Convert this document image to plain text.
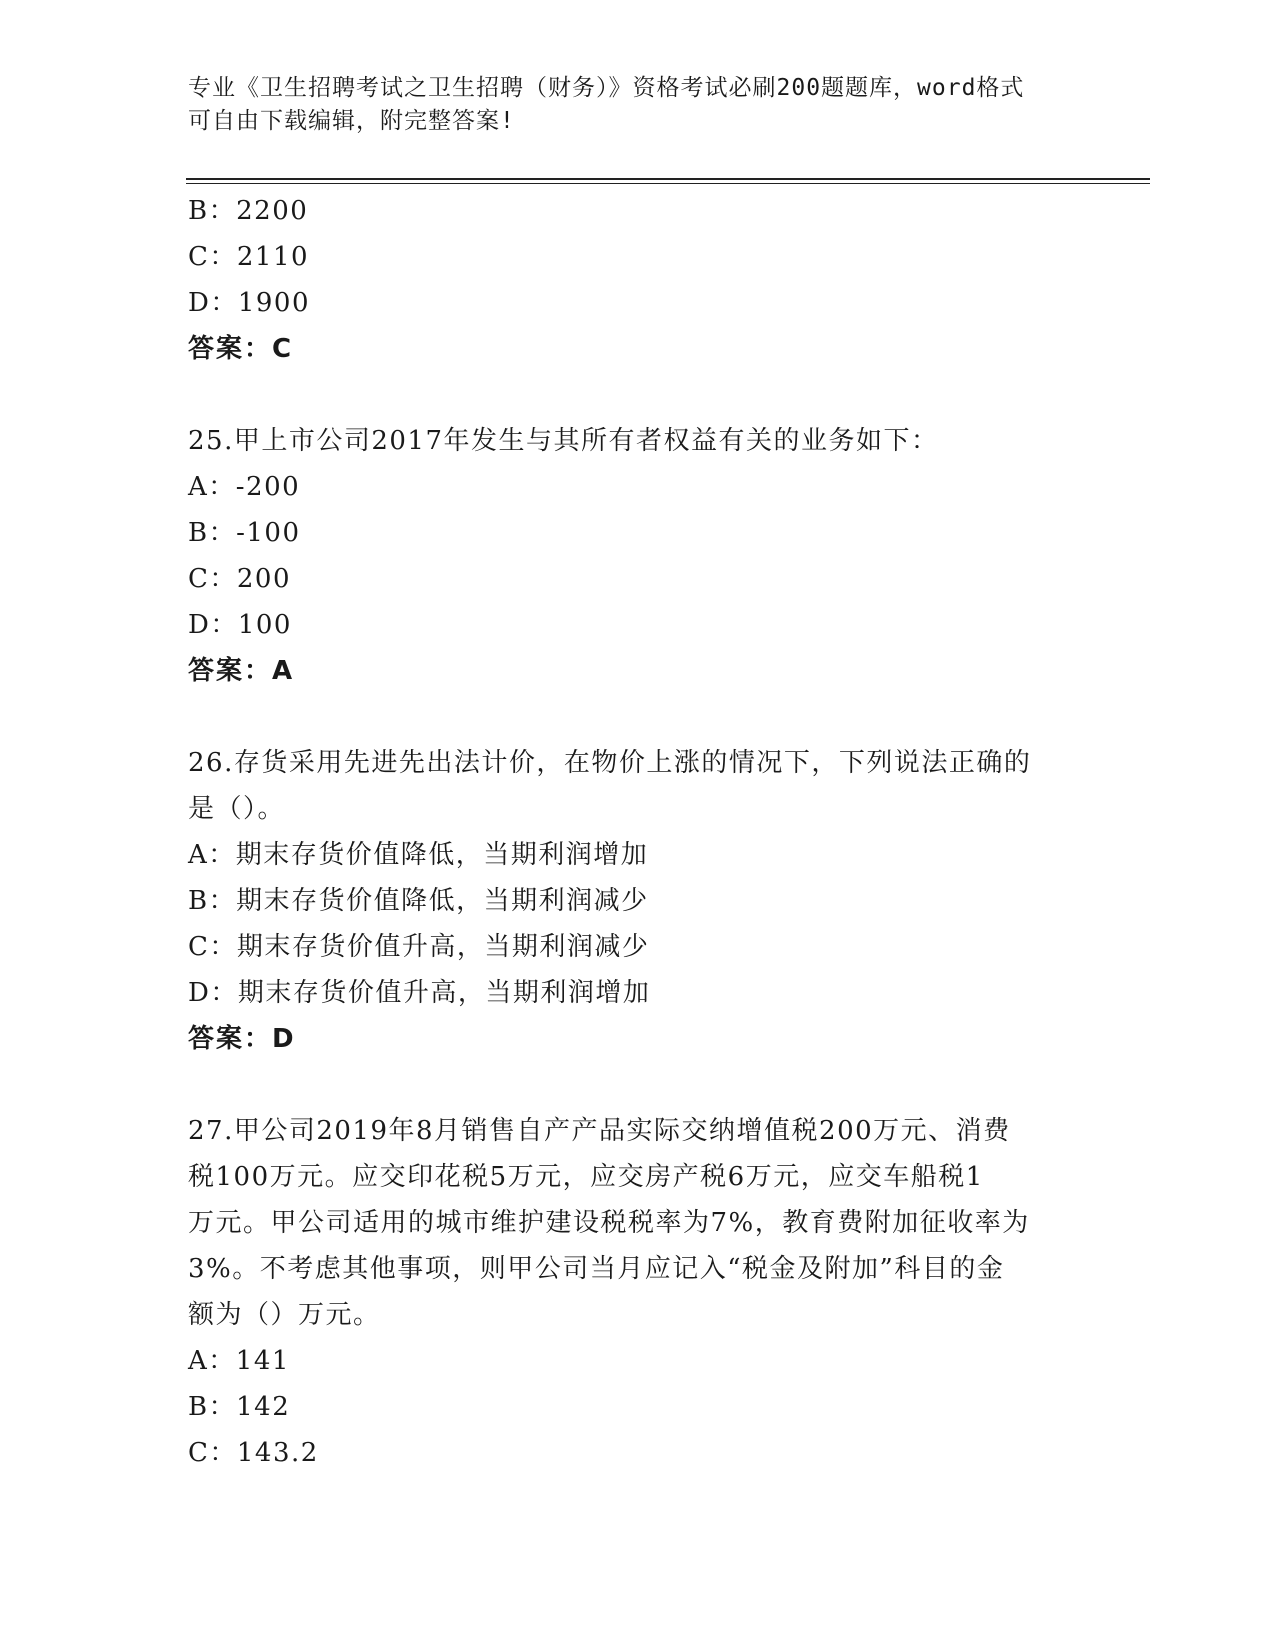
专业《卫生招聘考试之卫生招聘（财务）》资格考试必刷200题题库，word格式
可自由下载编辑，附完整答案!
B：2200
C：2110
D：1900
答案：C
25.甲上市公司2017年发生与其所有者权益有关的业务如下：
A：-200
B：-100
C：200
D：100
答案：A
26.存货采用先进先出法计价，在物价上涨的情况下，下列说法正确的
是（）。
A：期末存货价值降低，当期利润增加
B：期末存货价值降低，当期利润减少
C：期末存货价值升高，当期利润减少
D：期末存货价值升高，当期利润增加
答案：D
27.甲公司2019年8月销售自产产品实际交纳增值税200万元、消费
税100万元。应交印花税5万元，应交房产税6万元，应交车船税1
万元。甲公司适用的城市维护建设税税率为7%，教育费附加征收率为
3%。不考虑其他事项，则甲公司当月应记入“税金及附加”科目的金
额为（）万元。
A：141
B：142
C：143.2
